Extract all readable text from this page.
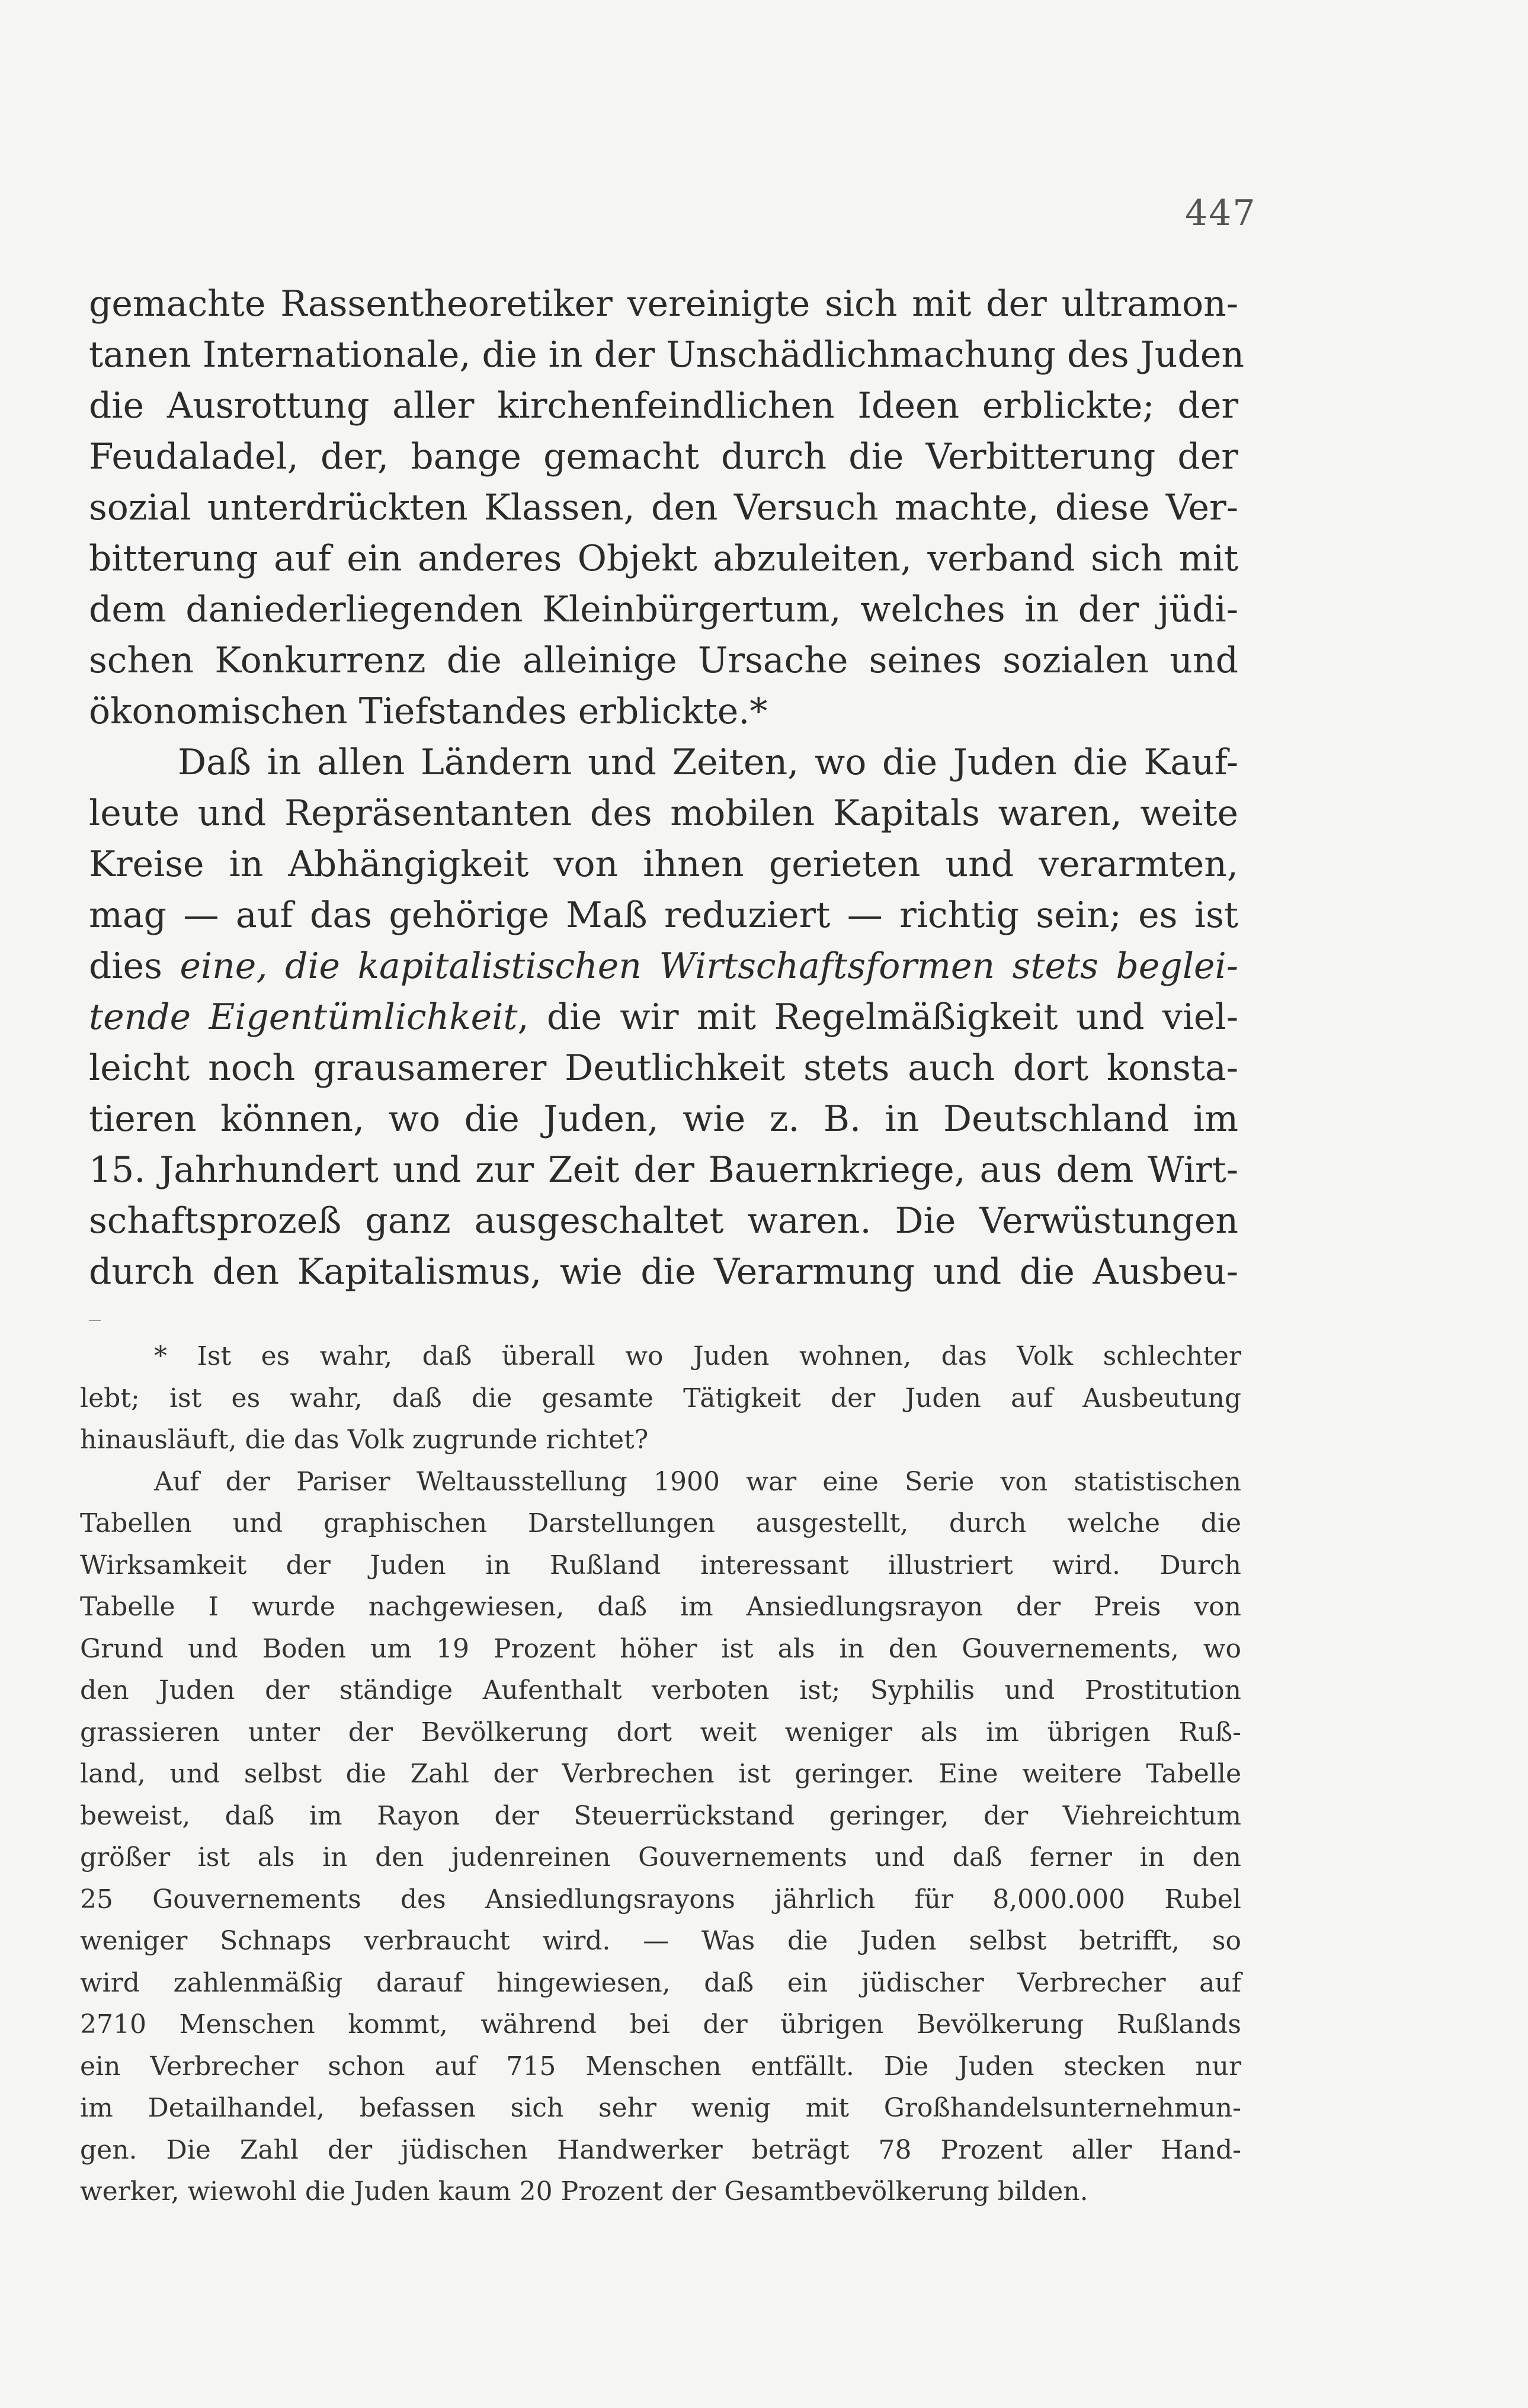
447
gemachte Rassentheoretiker vereinigte sich mit der ultramon-
tanen Internationale, die in der Unschädlichmachung des Juden
die Ausrottung aller kirchenfeindlichen Ideen erblickte; der
Feudaladel, der, bange gemacht durch die Verbitterung der
sozial unterdrückten Klassen, den Versuch machte, diese Ver-
bitterung auf ein anderes Objekt abzuleiten, verband sich mit
dem daniederliegenden Kleinbürgertum, welches in der jüdi-
schen Konkurrenz die alleinige Ursache seines sozialen und
ökonomischen Tiefstandes erblickte.*
Daß in allen Ländern und Zeiten, wo die Juden die Kauf-
leute und Repräsentanten des mobilen Kapitals waren, weite
Kreise in Abhängigkeit von ihnen gerieten und verarmten,
mag — auf das gehörige Maß reduziert — richtig sein; es ist
dies eine, die kapitalistischen Wirtschaftsformen stets beglei-
tende Eigentümlichkeit, die wir mit Regelmäßigkeit und viel-
leicht noch grausamerer Deutlichkeit stets auch dort konsta-
tieren können, wo die Juden, wie z. B. in Deutschland im
15. Jahrhundert und zur Zeit der Bauernkriege, aus dem Wirt-
schaftsprozeß ganz ausgeschaltet waren. Die Verwüstungen
durch den Kapitalismus, wie die Verarmung und die Ausbeu-
* Ist es wahr, daß überall wo Juden wohnen, das Volk schlechter
lebt; ist es wahr, daß die gesamte Tätigkeit der Juden auf Ausbeutung
hinausläuft, die das Volk zugrunde richtet?
Auf der Pariser Weltausstellung 1900 war eine Serie von statistischen
Tabellen und graphischen Darstellungen ausgestellt, durch welche die
Wirksamkeit der Juden in Rußland interessant illustriert wird. Durch
Tabelle I wurde nachgewiesen, daß im Ansiedlungsrayon der Preis von
Grund und Boden um 19 Prozent höher ist als in den Gouvernements, wo
den Juden der ständige Aufenthalt verboten ist; Syphilis und Prostitution
grassieren unter der Bevölkerung dort weit weniger als im übrigen Ruß-
land, und selbst die Zahl der Verbrechen ist geringer. Eine weitere Tabelle
beweist, daß im Rayon der Steuerrückstand geringer, der Viehreichtum
größer ist als in den judenreinen Gouvernements und daß ferner in den
25 Gouvernements des Ansiedlungsrayons jährlich für 8,000.000 Rubel
weniger Schnaps verbraucht wird. — Was die Juden selbst betrifft, so
wird zahlenmäßig darauf hingewiesen, daß ein jüdischer Verbrecher auf
2710 Menschen kommt, während bei der übrigen Bevölkerung Rußlands
ein Verbrecher schon auf 715 Menschen entfällt. Die Juden stecken nur
im Detailhandel, befassen sich sehr wenig mit Großhandelsunternehmun-
gen. Die Zahl der jüdischen Handwerker beträgt 78 Prozent aller Hand-
werker, wiewohl die Juden kaum 20 Prozent der Gesamtbevölkerung bilden.
